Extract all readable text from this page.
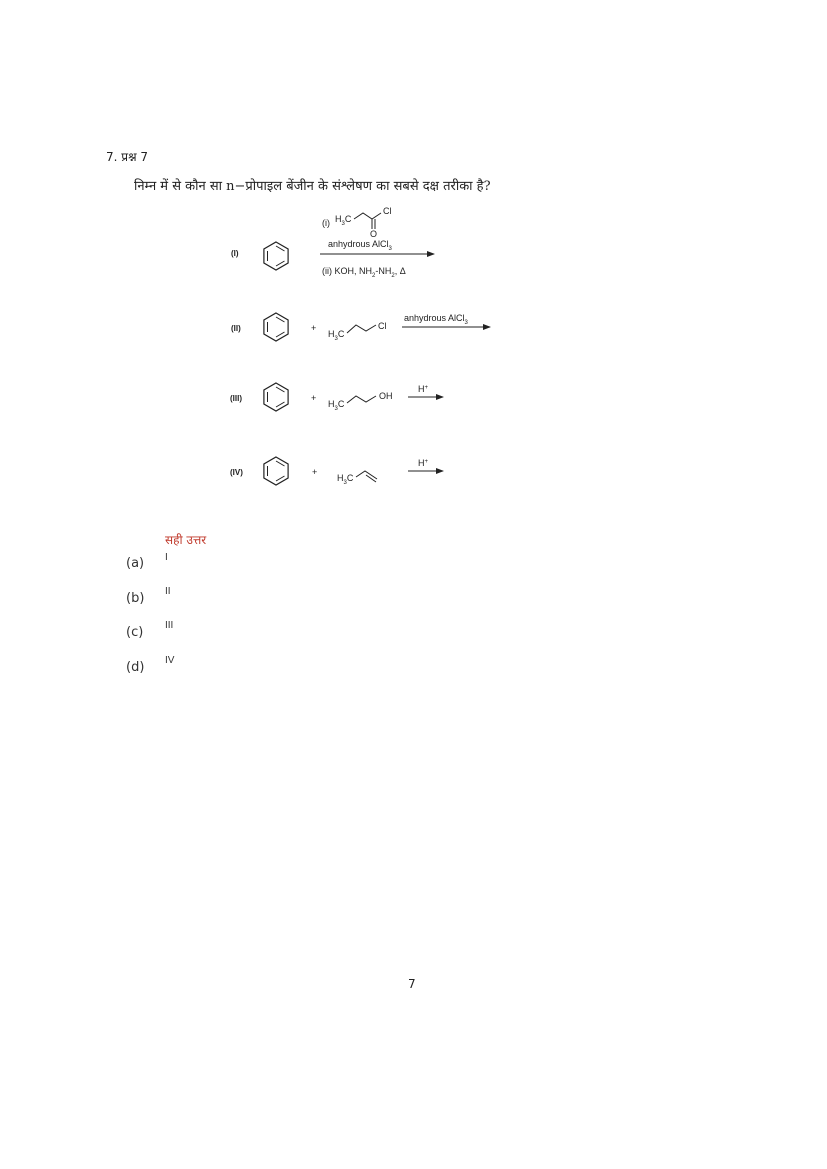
7. प्रश्न 7
निम्न में से कौन सा n−प्रोपाइल बेंजीन के संश्लेषण का सबसे दक्ष तरीका है?
(I)
(i) $H_3C$
Cl
O
anhydrous AlCl$_3$
(ii) KOH, $NH_2-NH_2$, Δ
(II)	+
$H_3C$
Cl
anhydrous AlCl$_3$
(III)	+
$H_3C$
OH
H+
(IV)	+
$H_3C$
H+
सही उत्तर
(a) I
(b) II
(c) III
(d) IV
7
